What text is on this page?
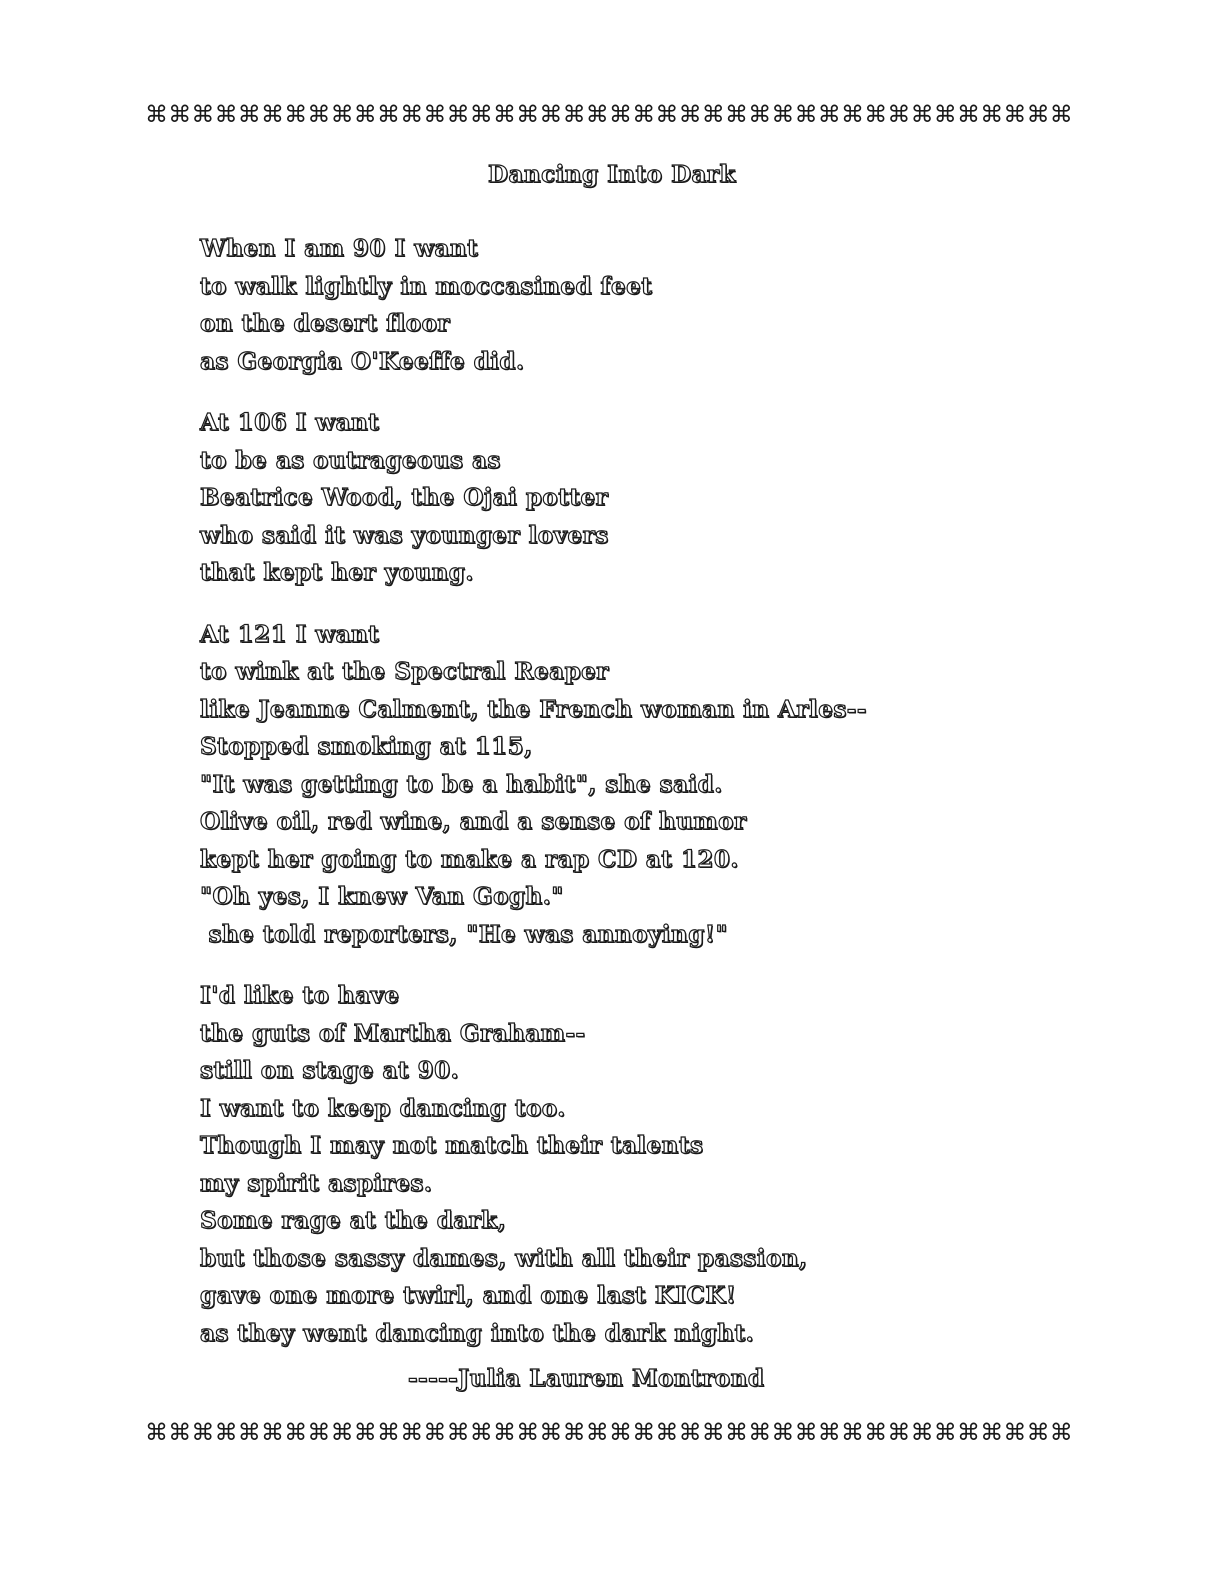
⌘⌘⌘⌘⌘⌘⌘⌘⌘⌘⌘⌘⌘⌘⌘⌘⌘⌘⌘⌘⌘⌘⌘⌘⌘⌘⌘⌘⌘⌘⌘⌘⌘⌘⌘⌘⌘⌘⌘⌘
Dancing Into Dark
When I am 90 I want
to walk lightly in moccasined feet
on the desert floor
as Georgia O'Keeffe did.
At 106 I want
to be as outrageous as
Beatrice Wood, the Ojai potter
who said it was younger lovers
that kept her young.
At 121 I want
to wink at the Spectral Reaper
like Jeanne Calment, the French woman in Arles--
Stopped smoking at 115,
"It was getting to be a habit", she said.
Olive oil, red wine, and a sense of humor
kept her going to make a rap CD at 120.
"Oh yes, I knew Van Gogh."
she told reporters, "He was annoying!"
I'd like to have
the guts of Martha Graham--
still on stage at 90.
I want to keep dancing too.
Though I may not match their talents
my spirit aspires.
Some rage at the dark,
but those sassy dames, with all their passion,
gave one more twirl, and one last KICK!
as they went dancing into the dark night.
-----Julia Lauren Montrond
⌘⌘⌘⌘⌘⌘⌘⌘⌘⌘⌘⌘⌘⌘⌘⌘⌘⌘⌘⌘⌘⌘⌘⌘⌘⌘⌘⌘⌘⌘⌘⌘⌘⌘⌘⌘⌘⌘⌘⌘
